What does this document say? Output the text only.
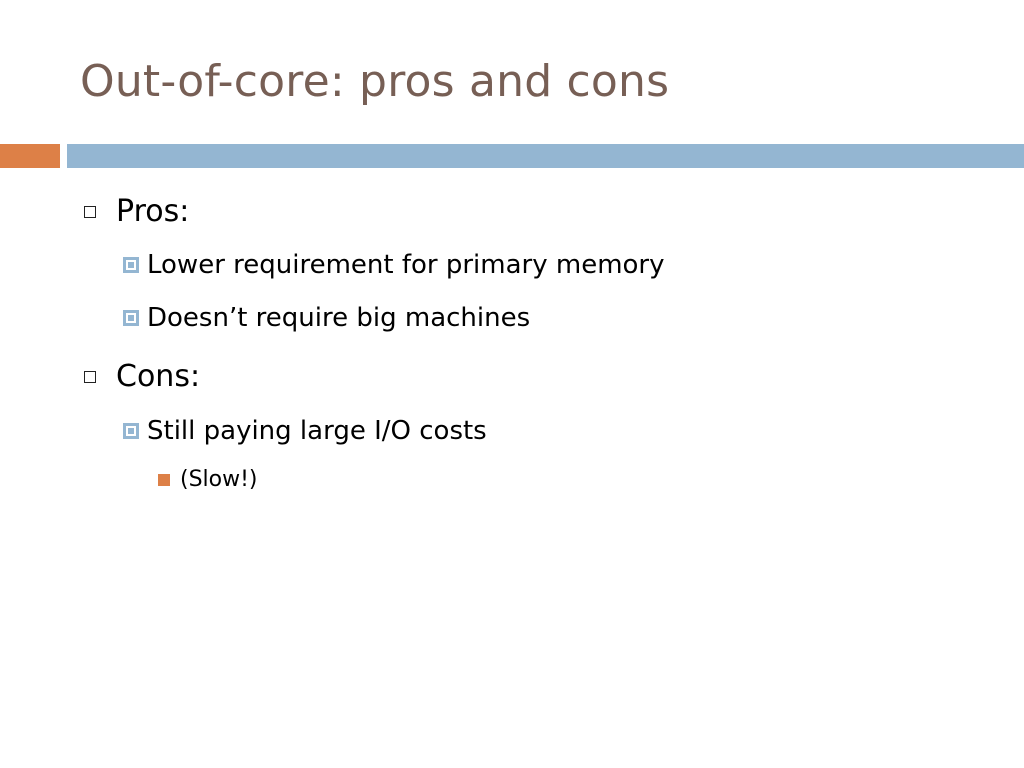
Out-of-core: pros and cons
Pros:
Lower requirement for primary memory
Doesn’t require big machines
Cons:
Still paying large I/O costs
(Slow!)
